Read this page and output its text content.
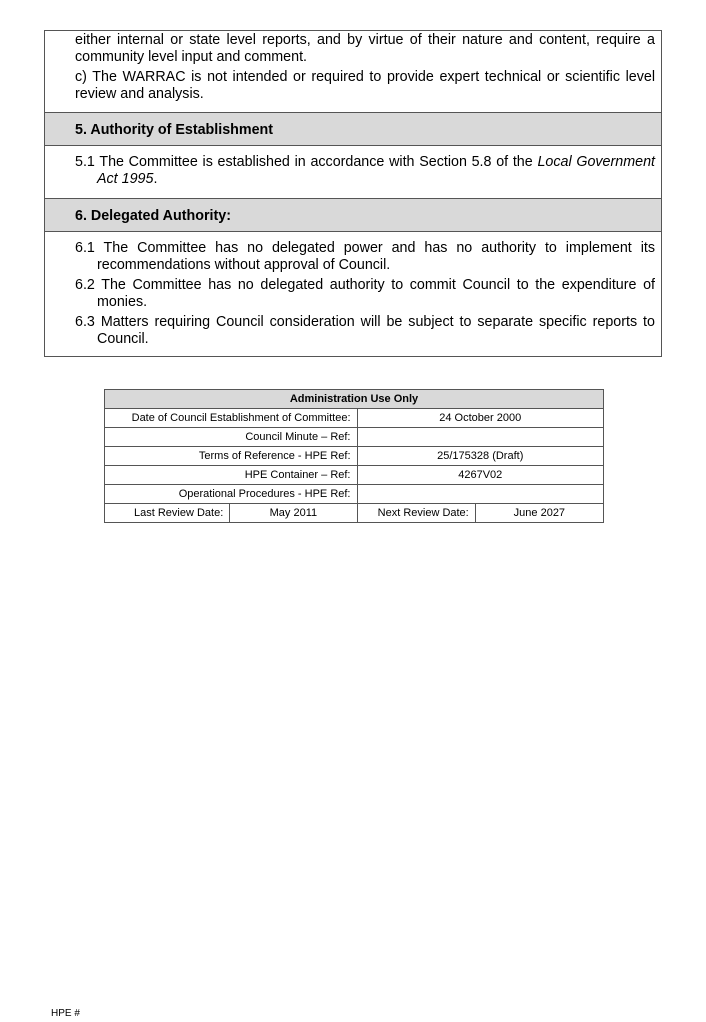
either internal or state level reports, and by virtue of their nature and content, require a community level input and comment.

c) The WARRAC is not intended or required to provide expert technical or scientific level review and analysis.

5. Authority of Establishment

5.1 The Committee is established in accordance with Section 5.8 of the Local Government Act 1995.

6. Delegated Authority:

6.1 The Committee has no delegated power and has no authority to implement its recommendations without approval of Council.

6.2 The Committee has no delegated authority to commit Council to the expenditure of monies.

6.3 Matters requiring Council consideration will be subject to separate specific reports to Council.

Administration Use Only			
Date of Council Establishment of Committee:		24 October 2000	
Council Minute – Ref:			
Terms of Reference - HPE Ref:		25/175328 (Draft)	
HPE Container – Ref:		4267V02	
Operational Procedures - HPE Ref:			
Last Review Date:	May 2011	Next Review Date:	June 2027
HPE #
